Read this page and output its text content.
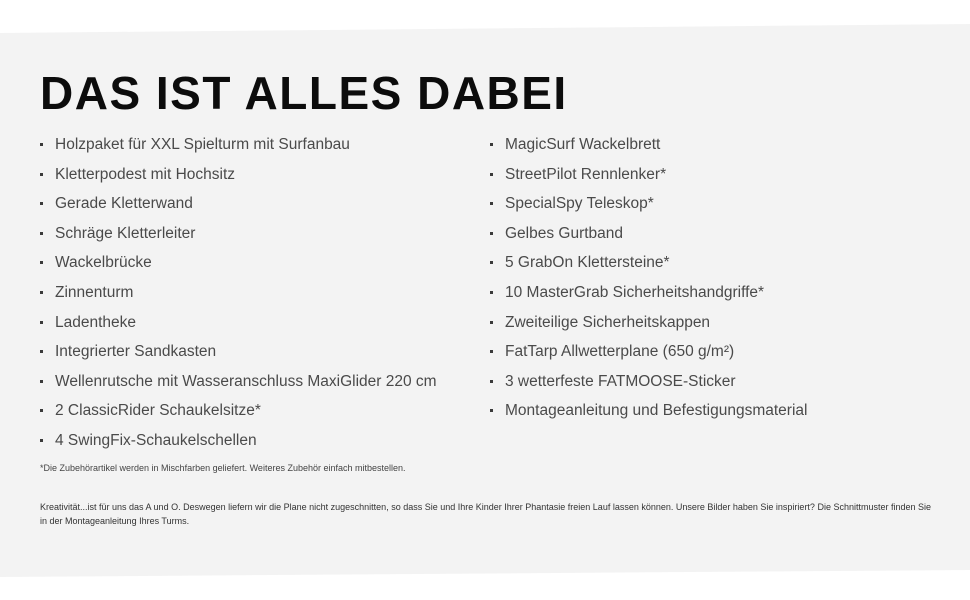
DAS IST ALLES DABEI
Holzpaket für XXL Spielturm mit Surfanbau
Kletterpodest mit Hochsitz
Gerade Kletterwand
Schräge Kletterleiter
Wackelbrücke
Zinnenturm
Ladentheke
Integrierter Sandkasten
Wellenrutsche mit Wasseranschluss MaxiGlider 220 cm
2 ClassicRider Schaukelsitze*
4 SwingFix-Schaukelschellen
MagicSurf Wackelbrett
StreetPilot Rennlenker*
SpecialSpy Teleskop*
Gelbes Gurtband
5 GrabOn Klettersteine*
10 MasterGrab Sicherheitshandgriffe*
Zweiteilige Sicherheitskappen
FatTarp Allwetterplane (650 g/m²)
3 wetterfeste FATMOOSE-Sticker
Montageanleitung und Befestigungsmaterial

*Die Zubehörartikel werden in Mischfarben geliefert. Weiteres Zubehör einfach mitbestellen.

Kreativität...ist für uns das A und O. Deswegen liefern wir die Plane nicht zugeschnitten, so dass Sie und Ihre Kinder Ihrer Phantasie freien Lauf lassen können. Unsere Bilder haben Sie inspiriert? Die Schnittmuster finden Sie in der Montageanleitung Ihres Turms.
